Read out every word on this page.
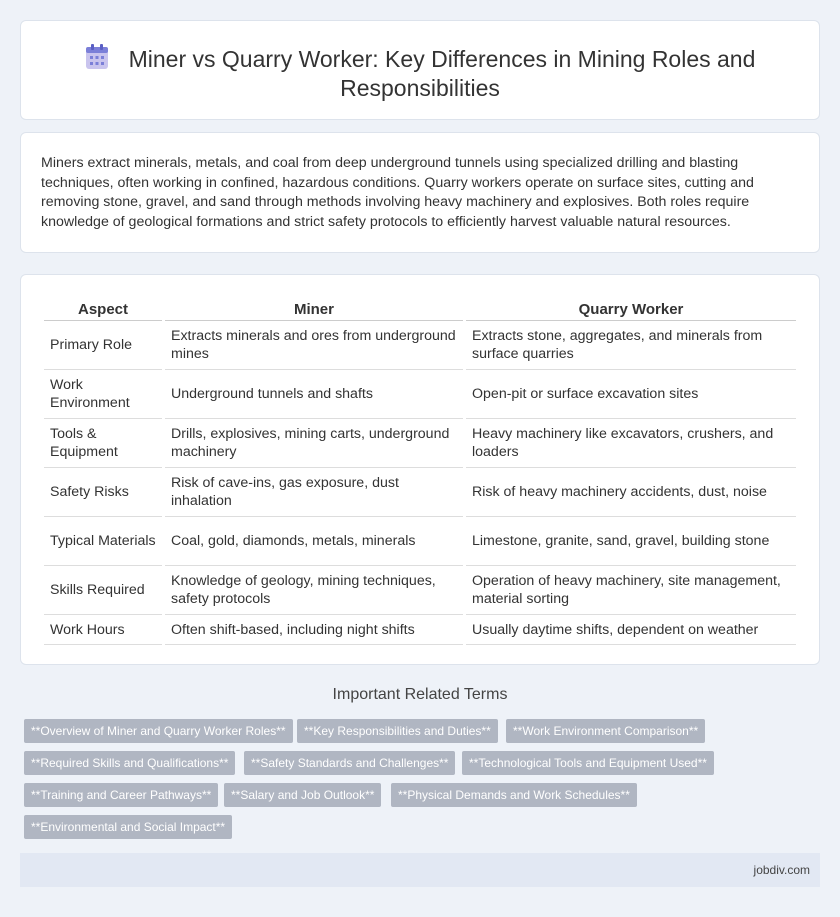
Miner vs Quarry Worker: Key Differences in Mining Roles and Responsibilities

Miners extract minerals, metals, and coal from deep underground tunnels using specialized drilling and blasting techniques, often working in confined, hazardous conditions. Quarry workers operate on surface sites, cutting and removing stone, gravel, and sand through methods involving heavy machinery and explosives. Both roles require knowledge of geological formations and strict safety protocols to efficiently harvest valuable natural resources.

Aspect	Miner	Quarry Worker
Primary Role	Extracts minerals and ores from underground mines	Extracts stone, aggregates, and minerals from surface quarries
Work Environment	Underground tunnels and shafts	Open-pit or surface excavation sites
Tools & Equipment	Drills, explosives, mining carts, underground machinery	Heavy machinery like excavators, crushers, and loaders
Safety Risks	Risk of cave-ins, gas exposure, dust inhalation	Risk of heavy machinery accidents, dust, noise
Typical Materials	Coal, gold, diamonds, metals, minerals	Limestone, granite, sand, gravel, building stone
Skills Required	Knowledge of geology, mining techniques, safety protocols	Operation of heavy machinery, site management, material sorting
Work Hours	Often shift-based, including night shifts	Usually daytime shifts, dependent on weather
Important Related Terms
**Overview of Miner and Quarry Worker Roles**	**Key Responsibilities and Duties**	**Work Environment Comparison**
**Required Skills and Qualifications**	**Safety Standards and Challenges**	**Technological Tools and Equipment Used**
**Training and Career Pathways**	**Salary and Job Outlook**	**Physical Demands and Work Schedules**
**Environmental and Social Impact**
jobdiv.com
